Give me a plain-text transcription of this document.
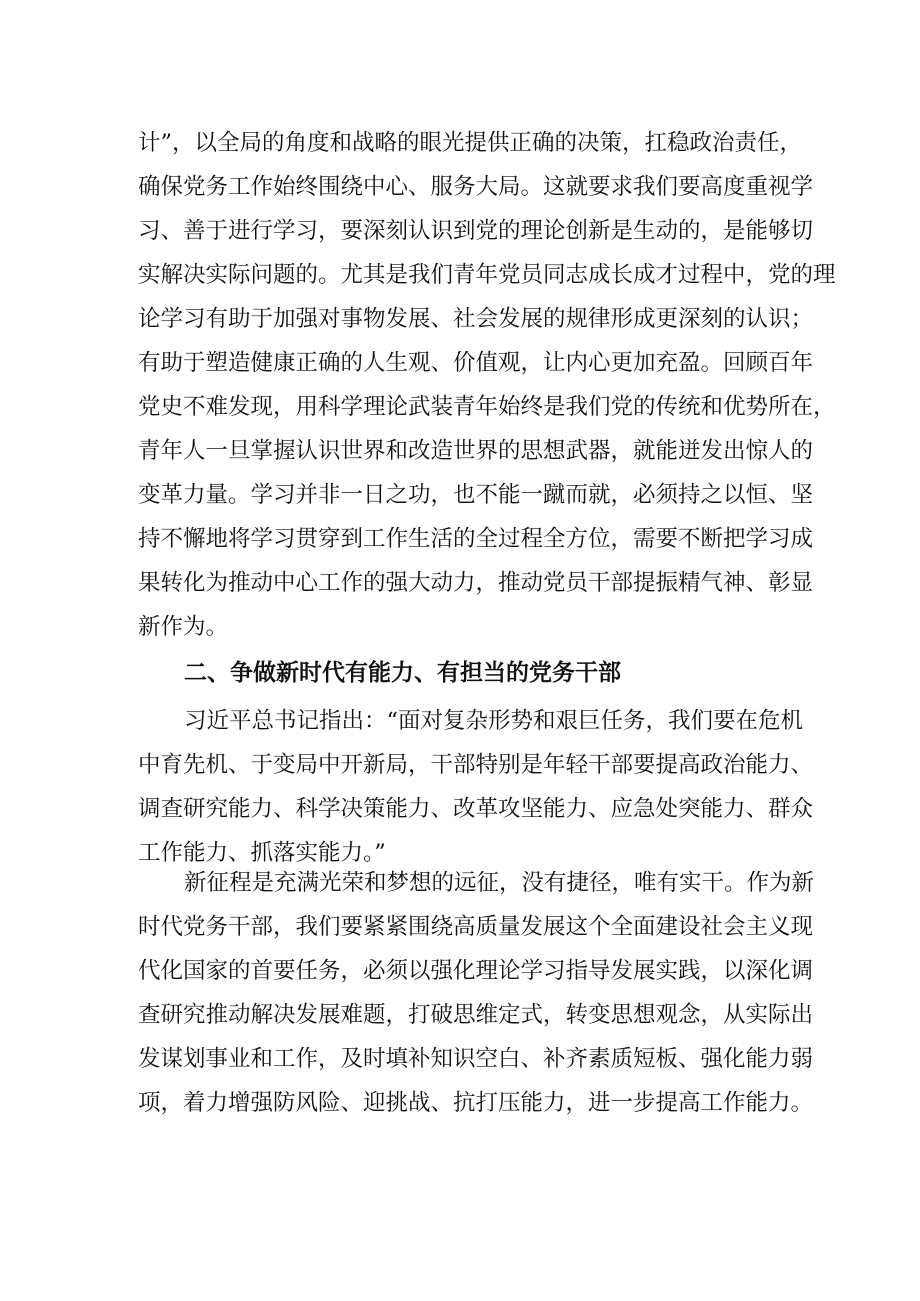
计”，以全局的角度和战略的眼光提供正确的决策，扛稳政治责任，
确保党务工作始终围绕中心、服务大局。这就要求我们要高度重视学
习、善于进行学习，要深刻认识到党的理论创新是生动的，是能够切
实解决实际问题的。尤其是我们青年党员同志成长成才过程中，党的理
论学习有助于加强对事物发展、社会发展的规律形成更深刻的认识；
有助于塑造健康正确的人生观、价值观，让内心更加充盈。回顾百年
党史不难发现，用科学理论武装青年始终是我们党的传统和优势所在，
青年人一旦掌握认识世界和改造世界的思想武器，就能迸发出惊人的
变革力量。学习并非一日之功，也不能一蹴而就，必须持之以恒、坚
持不懈地将学习贯穿到工作生活的全过程全方位，需要不断把学习成
果转化为推动中心工作的强大动力，推动党员干部提振精气神、彰显
新作为。
二、争做新时代有能力、有担当的党务干部
习近平总书记指出：“面对复杂形势和艰巨任务，我们要在危机
中育先机、于变局中开新局，干部特别是年轻干部要提高政治能力、
调查研究能力、科学决策能力、改革攻坚能力、应急处突能力、群众
工作能力、抓落实能力。”
新征程是充满光荣和梦想的远征，没有捷径，唯有实干。作为新
时代党务干部，我们要紧紧围绕高质量发展这个全面建设社会主义现
代化国家的首要任务，必须以强化理论学习指导发展实践，以深化调
查研究推动解决发展难题，打破思维定式，转变思想观念，从实际出
发谋划事业和工作，及时填补知识空白、补齐素质短板、强化能力弱
项，着力增强防风险、迎挑战、抗打压能力，进一步提高工作能力。
